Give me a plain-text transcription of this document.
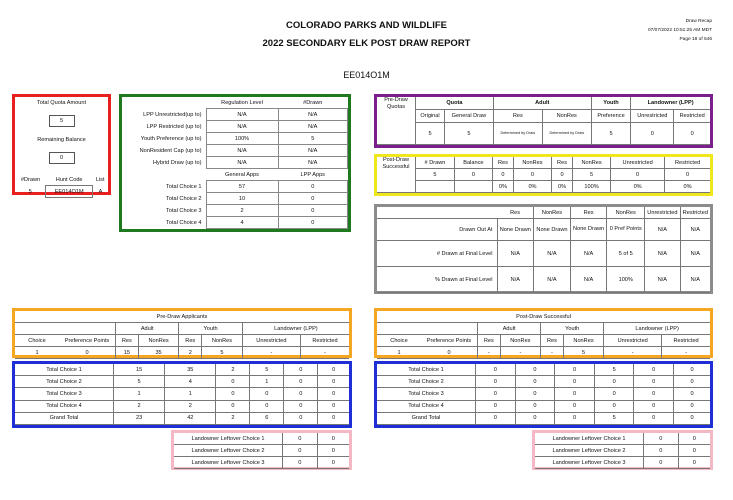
COLORADO PARKS AND WILDLIFE
2022 SECONDARY ELK POST DRAW REPORT
Draw Recap
07/07/2022 10:51:25 AM MDT
Page 18 of 546
EE014O1M
Total Quota Amount
5
Remaining Balance
0
#Drawn	Hunt Code	List
5	EE014O1M	A
	Regulation Level	#Drawn
LPP Unrestricted(up to)	N/A	N/A
LPP Restricted (up to)	N/A	N/A
Youth Preference (up to)	100%	5
NonResident Cap (up to)	N/A	N/A
Hybrid Draw (up to)	N/A	N/A
	General Apps	LPP Apps
Total Choice 1	57	0
Total Choice 2	10	0
Total Choice 3	2	0
Total Choice 4	4	0
Pre-Draw Quotas	Quota		Adult		Youth	Landowner (LPP)	
	Original	General Draw	Res	NonRes	Preference	Unrestricted	Restricted
	5	5	Determined by Draw	Determined by Draw	5	0	0
Post-Draw Successful	# Drawn	Balance	Res	NonRes	Res	NonRes	Unrestricted	Restricted
	5	0	0	0	0	5	0	0
			0%	0%	0%	100%	0%	0%
	Res	NonRes	Res	NonRes	Unrestricted	Restricted
Drawn Out At	None Drawn	None Drawn	None Drawn	0 Pref Points	N/A	N/A
# Drawn at Final Level	N/A	N/A	N/A	5 of 5	N/A	N/A
% Drawn at Final Level	N/A	N/A	N/A	100%	N/A	N/A
Pre-Draw Applicants							
		Adult		Youth		Landowner (LPP)	
Choice	Preference Points	Res	NonRes	Res	NonRes	Unrestricted	Restricted
1	0	15	35	2	5	-	-
Total Choice 1	15	35	2	5	0	0
Total Choice 2	5	4	0	1	0	0
Total Choice 3	1	1	0	0	0	0
Total Choice 4	2	2	0	0	0	0
Grand Total	23	42	2	6	0	0
Landowner Leftover Choice 1	0	0
Landowner Leftover Choice 2	0	0
Landowner Leftover Choice 3	0	0
Post-Draw Successful							
		Adult		Youth		Landowner (LPP)	
Choice	Preference Points	Res	NonRes	Res	NonRes	Unrestricted	Restricted
1	0	-	-	-	5	-	-
Total Choice 1	0	0	0	5	0	0
Total Choice 2	0	0	0	0	0	0
Total Choice 3	0	0	0	0	0	0
Total Choice 4	0	0	0	0	0	0
Grand Total	0	0	0	5	0	0
Landowner Leftover Choice 1	0	0
Landowner Leftover Choice 2	0	0
Landowner Leftover Choice 3	0	0
